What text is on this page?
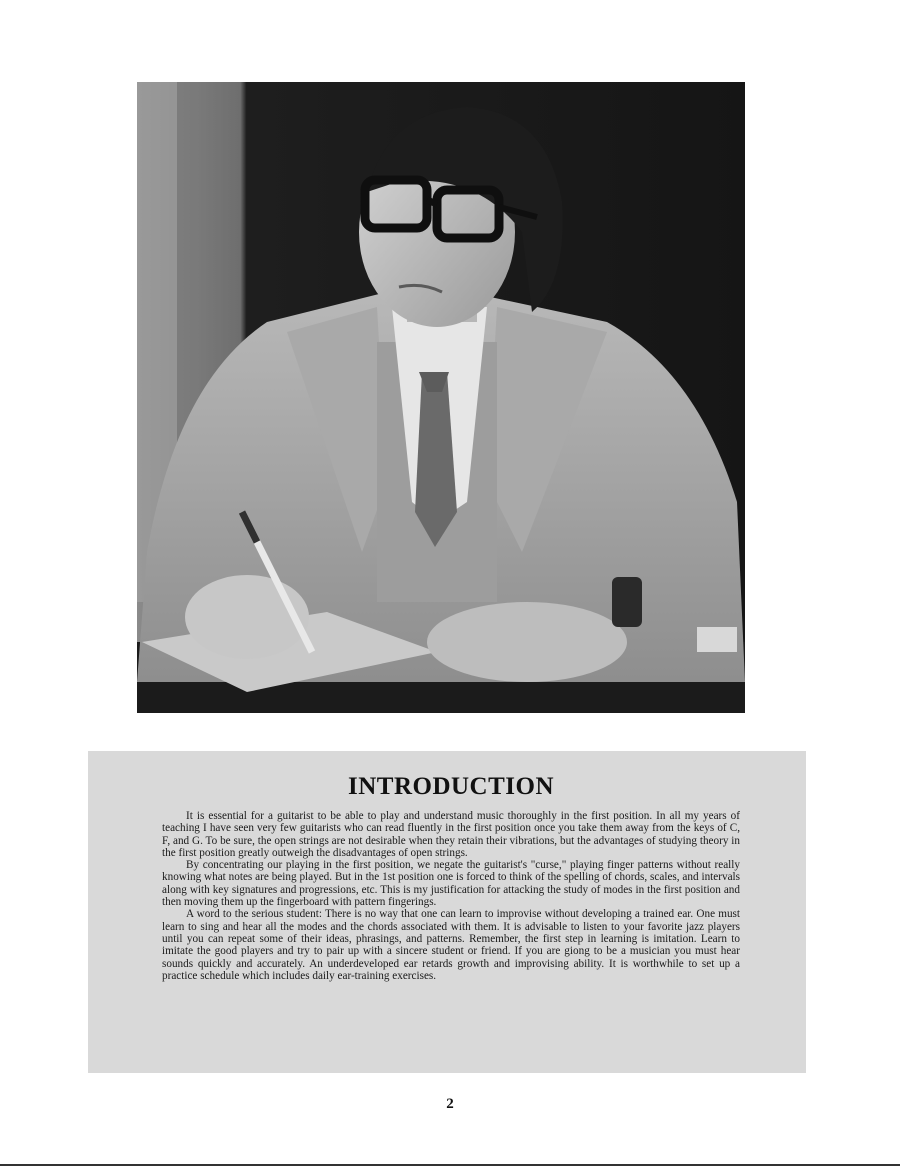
INTRODUCTION

It is essential for a guitarist to be able to play and understand music thoroughly in the first position. In all my years of teaching I have seen very few guitarists who can read fluently in the first position once you take them away from the keys of C, F, and G. To be sure, the open strings are not desirable when they retain their vibrations, but the advantages of studying theory in the first position greatly outweigh the disadvantages of open strings.

By concentrating our playing in the first position, we negate the guitarist's "curse," playing finger patterns without really knowing what notes are being played. But in the 1st position one is forced to think of the spelling of chords, scales, and intervals along with key signatures and progressions, etc. This is my justification for attacking the study of modes in the first position and then moving them up the fingerboard with pattern fingerings.

A word to the serious student: There is no way that one can learn to improvise without developing a trained ear. One must learn to sing and hear all the modes and the chords associated with them. It is advisable to listen to your favorite jazz players until you can repeat some of their ideas, phrasings, and patterns. Remember, the first step in learning is imitation. Learn to imitate the good players and try to pair up with a sincere student or friend. If you are giong to be a musician you must hear sounds quickly and accurately. An underdeveloped ear retards growth and improvising ability. It is worthwhile to set up a practice schedule which includes daily ear-training exercises.

2
